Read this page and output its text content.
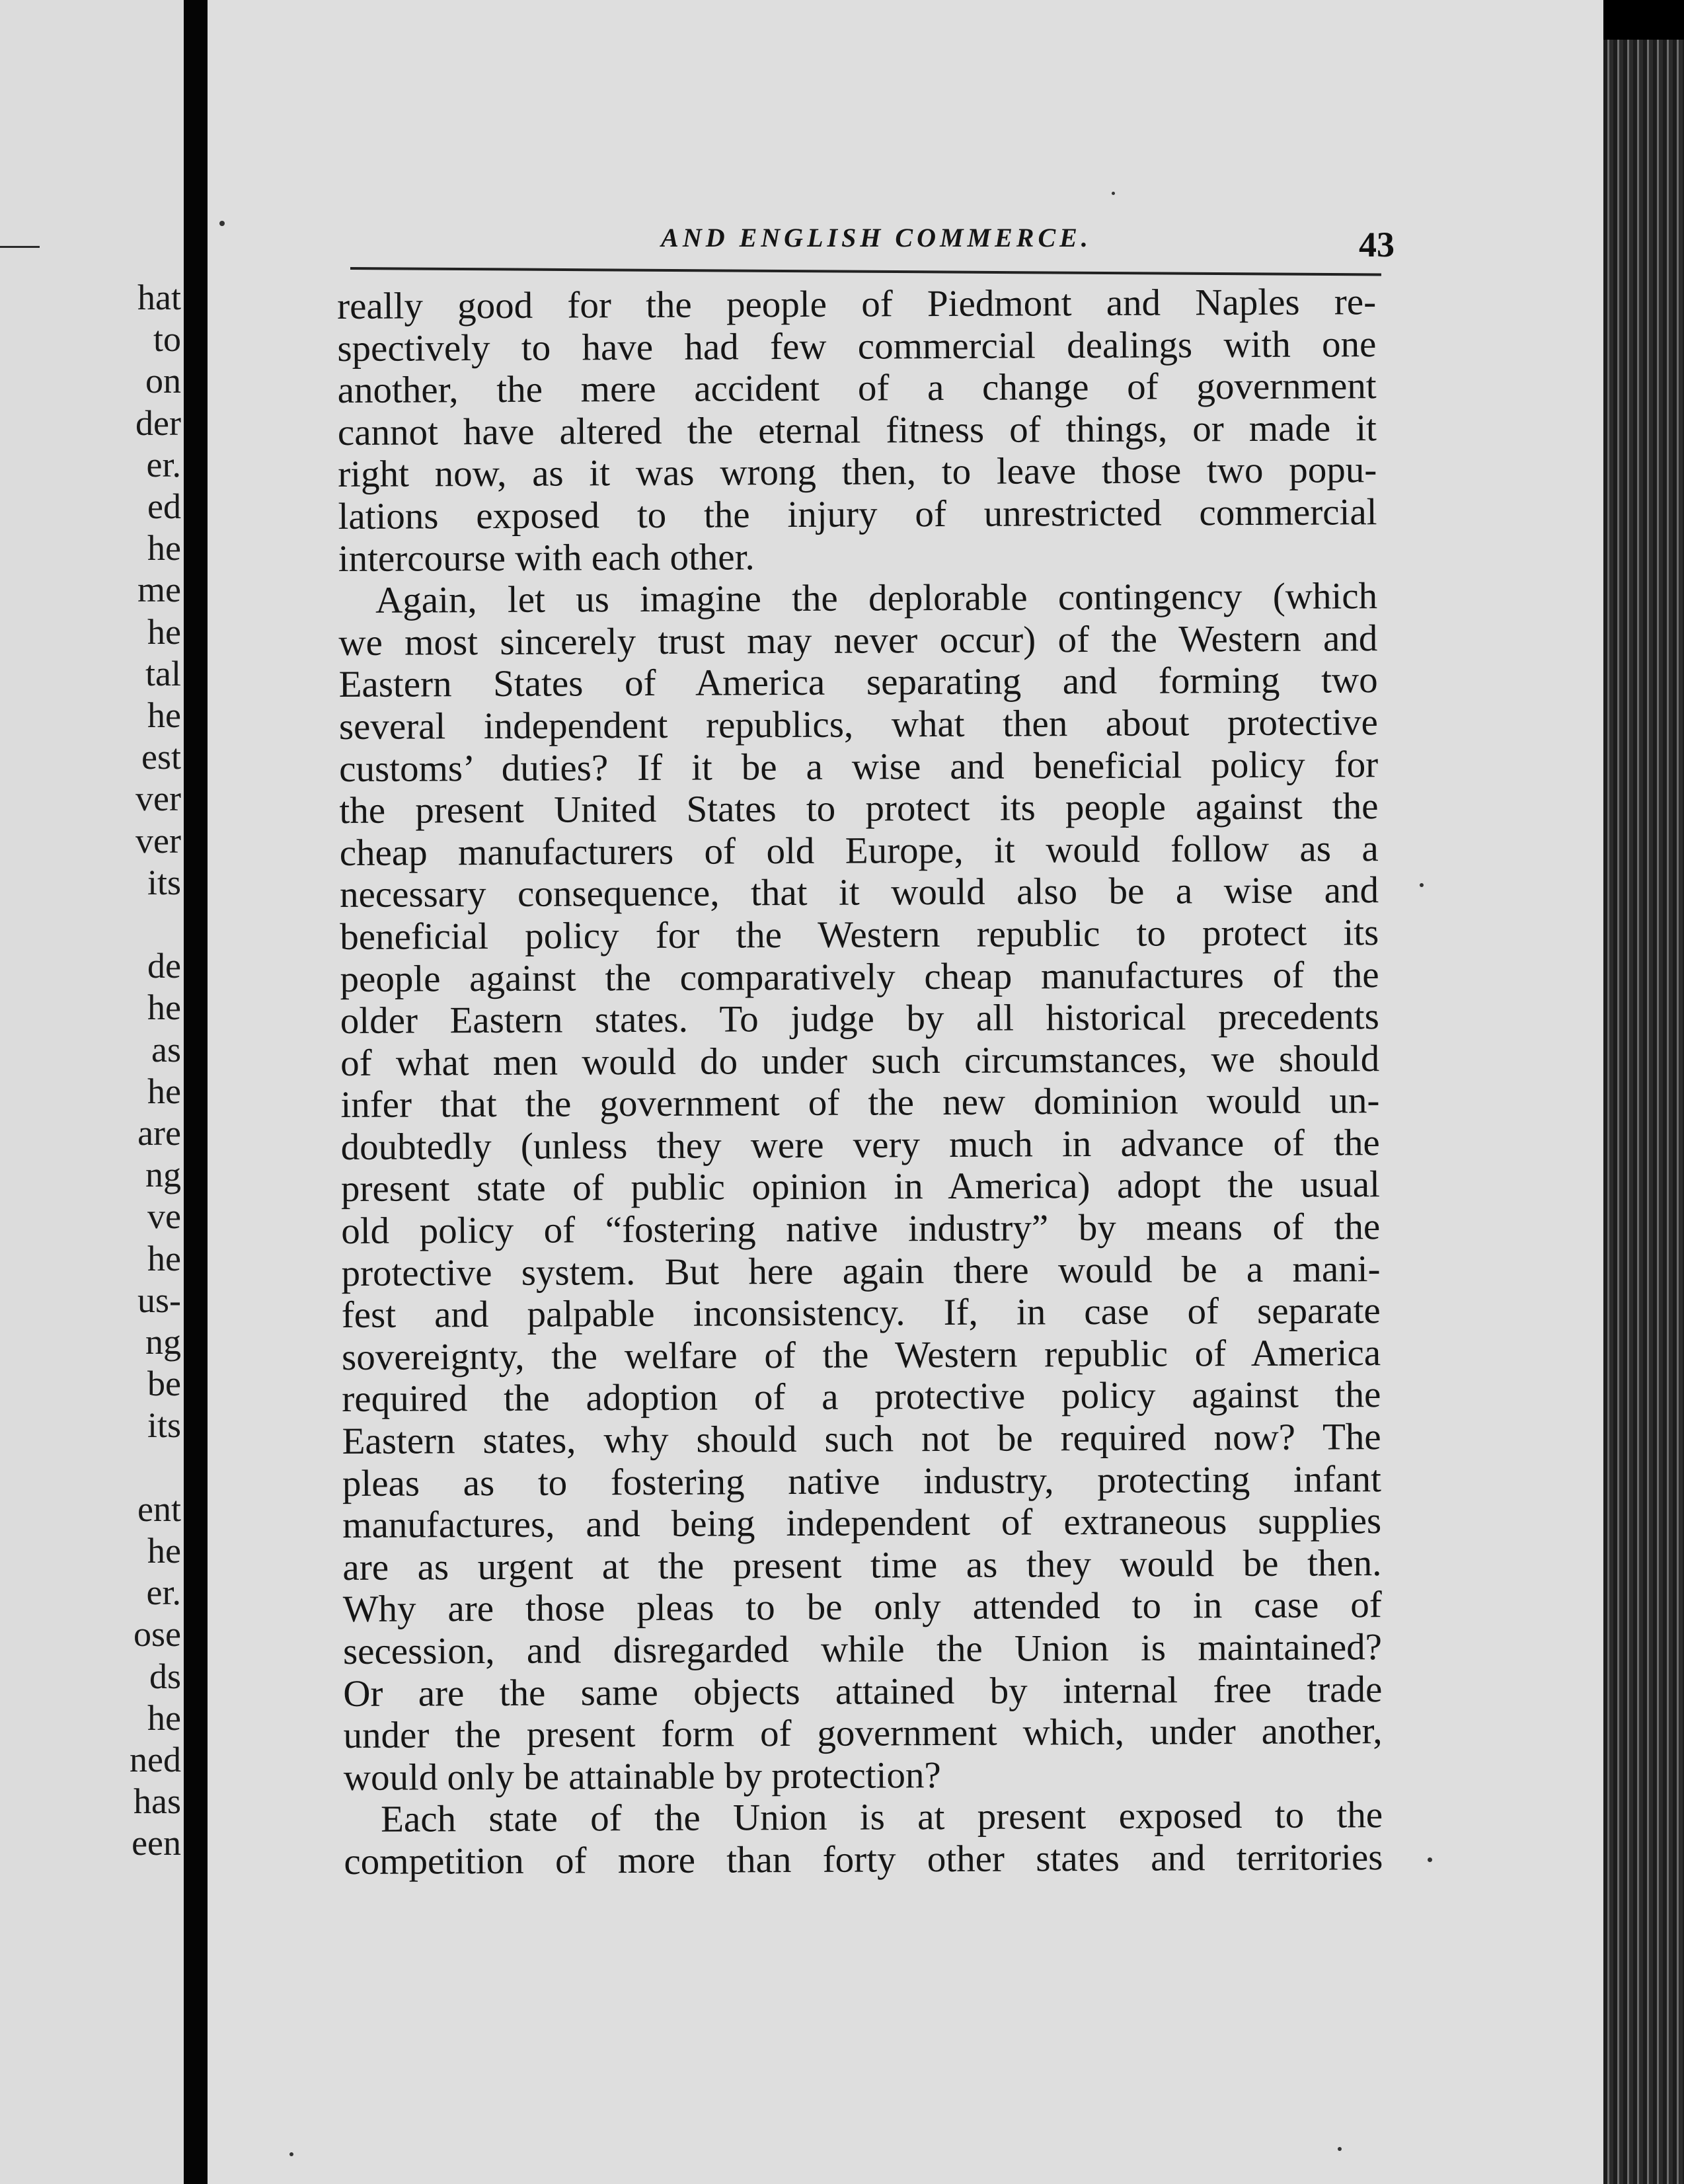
hat
to
on
der
er.
ed
he
me
he
tal
he
est
ver
ver
its
de
he
as
he
are
ng
ve
he
us-
ng
be
its
ent
he
er.
ose
ds
he
ned
has
een
AND ENGLISH COMMERCE.	43
really good for the people of Piedmont and Naples re-
spectively to have had few commercial dealings with one
another, the mere accident of a change of government
cannot have altered the eternal fitness of things, or made it
right now, as it was wrong then, to leave those two popu-
lations exposed to the injury of unrestricted commercial
intercourse with each other.
Again, let us imagine the deplorable contingency (which
we most sincerely trust may never occur) of the Western and
Eastern States of America separating and forming two
several independent republics, what then about protective
customs’ duties? If it be a wise and beneficial policy for
the present United States to protect its people against the
cheap manufacturers of old Europe, it would follow as a
necessary consequence, that it would also be a wise and
beneficial policy for the Western republic to protect its
people against the comparatively cheap manufactures of the
older Eastern states. To judge by all historical precedents
of what men would do under such circumstances, we should
infer that the government of the new dominion would un-
doubtedly (unless they were very much in advance of the
present state of public opinion in America) adopt the usual
old policy of “fostering native industry” by means of the
protective system. But here again there would be a mani-
fest and palpable inconsistency. If, in case of separate
sovereignty, the welfare of the Western republic of America
required the adoption of a protective policy against the
Eastern states, why should such not be required now? The
pleas as to fostering native industry, protecting infant
manufactures, and being independent of extraneous supplies
are as urgent at the present time as they would be then.
Why are those pleas to be only attended to in case of
secession, and disregarded while the Union is maintained?
Or are the same objects attained by internal free trade
under the present form of government which, under another,
would only be attainable by protection?
Each state of the Union is at present exposed to the
competition of more than forty other states and territories
